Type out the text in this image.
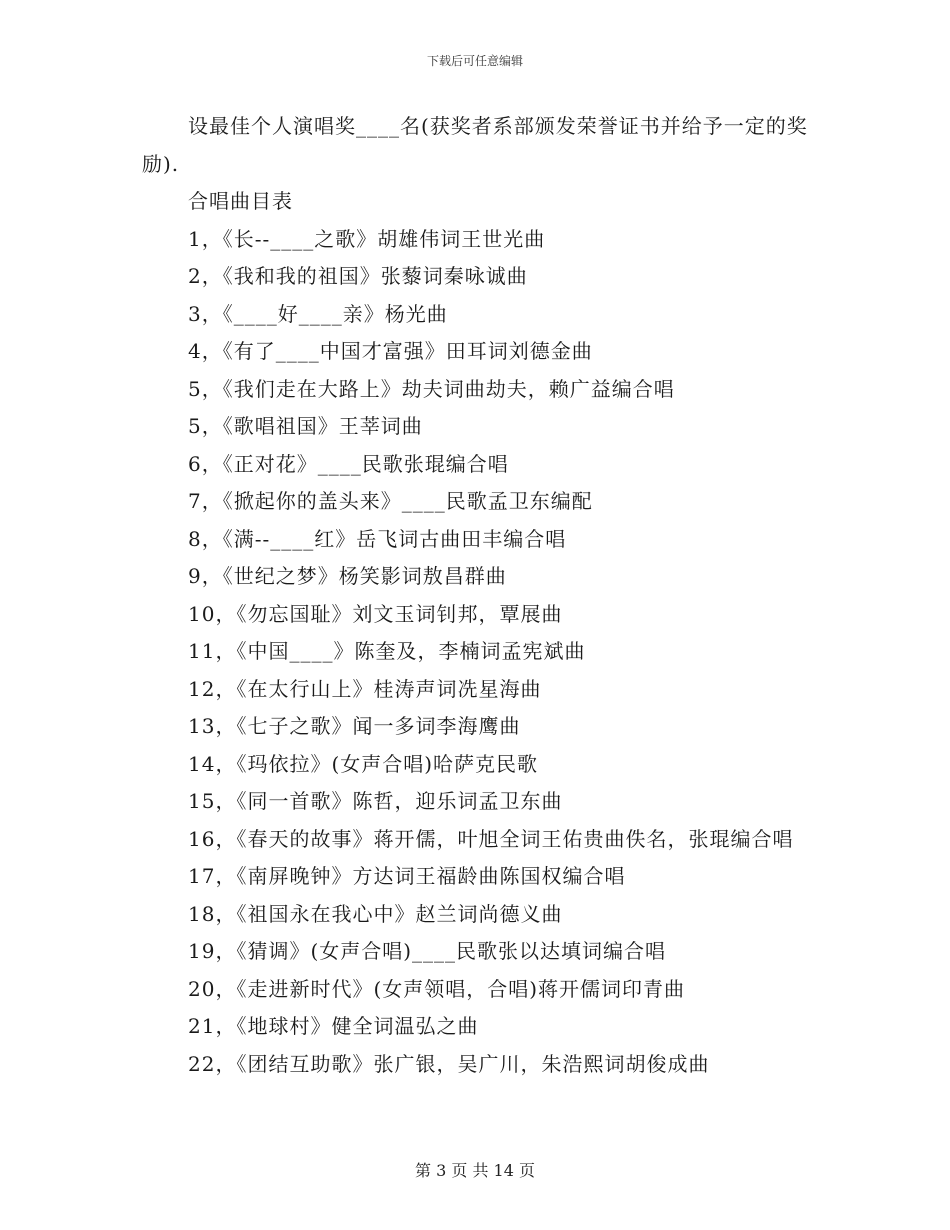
下载后可任意编辑

设最佳个人演唱奖____名(获奖者系部颁发荣誉证书并给予一定的奖励).

合唱曲目表

1，《长--____之歌》胡雄伟词王世光曲

2，《我和我的祖国》张藜词秦咏诚曲

3，《____好____亲》杨光曲

4，《有了____中国才富强》田耳词刘德金曲

5，《我们走在大路上》劫夫词曲劫夫，赖广益编合唱

5，《歌唱祖国》王莘词曲

6，《正对花》____民歌张琨编合唱

7，《掀起你的盖头来》____民歌孟卫东编配

8，《满--____红》岳飞词古曲田丰编合唱

9，《世纪之梦》杨笑影词敖昌群曲

10，《勿忘国耻》刘文玉词钊邦，覃展曲

11，《中国____》陈奎及，李楠词孟宪斌曲

12，《在太行山上》桂涛声词冼星海曲

13，《七子之歌》闻一多词李海鹰曲

14，《玛依拉》(女声合唱)哈萨克民歌

15，《同一首歌》陈哲，迎乐词孟卫东曲

16，《春天的故事》蒋开儒，叶旭全词王佑贵曲佚名，张琨编合唱

17，《南屏晚钟》方达词王福龄曲陈国权编合唱

18，《祖国永在我心中》赵兰词尚德义曲

19，《猜调》(女声合唱)____民歌张以达填词编合唱

20，《走进新时代》(女声领唱，合唱)蒋开儒词印青曲

21，《地球村》健全词温弘之曲

22，《团结互助歌》张广银，吴广川，朱浩熙词胡俊成曲

第 3 页 共 14 页
